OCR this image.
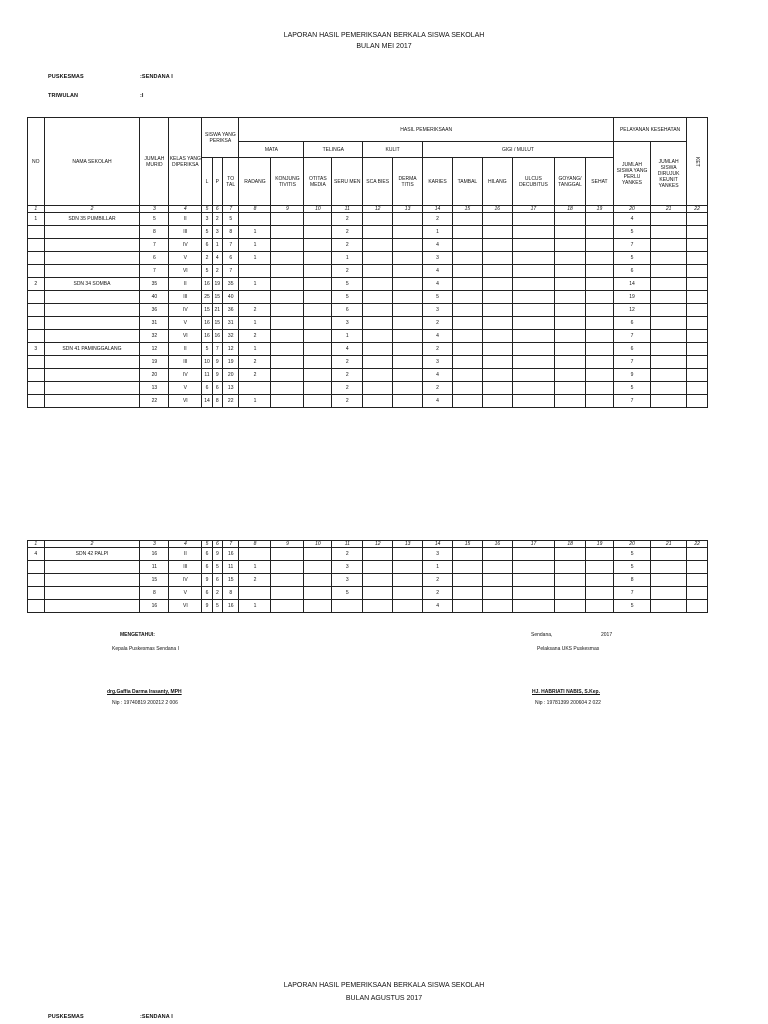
LAPORAN HASIL PEMERIKSAAN BERKALA SISWA SEKOLAH
BULAN MEI 2017
PUSKESMAS	:SENDANA I
TRIWULAN	:I
NO	NAMA SEKOLAH	JUMLAH MURID	KELAS YANG DIPERIKSA	SISWA YANG PERIKSA			HASIL PEMERIKSAAN												PELAYANAN KESEHATAN		KET
							MATA		TELINGA		KULIT		GIGI / MULUT						JUMLAH SISWA YANG PERLU YANKES	JUMLAH SISWA DIRUJUK KEUNIT YANKES	
				L	P	TO TAL	RADANG	KONJUNG TIVITIS	OTITAS MEDIA	SERU MEN	SCA BIES	DERMA TITIS	KARIES	TAMBAL	HILANG	ULCUS DECUBITUS	GOYANG/ TANGGAL	SEHAT			
1	2	3	4	5	6	7	8	9	10	11	12	13	14	15	16	17	18	19	20	21	22
1	SDN 35 PUMBILLAR	5	II	3	2	5				2			2						4		
		8	III	5	3	8	1			2			1						5		
		7	IV	6	1	7	1			2			4						7		
		6	V	2	4	6	1			1			3						5		
		7	VI	5	2	7				2			4						6		
2	SDN 34 SOMBA	35	II	16	19	35	1			5			4						14		
		40	III	25	15	40				5			5						19		
		36	IV	15	21	36	2			6			3						12		
		31	V	16	15	31	1			3			2						6		
		32	VI	16	16	32	2			1			4						7		
3	SDN 41 PAMINGGALANG	12	II	5	7	12	1			4			2						6		
		19	III	10	9	19	2			2			3						7		
		20	IV	11	9	20	2			2			4						9		
		13	V	6	6	13				2			2						5		
		22	VI	14	8	22	1			2			4						7		
1	2	3	4	5	6	7	8	9	10	11	12	13	14	15	16	17	18	19	20	21	22
4	SDN 42 PALPI	16	II	6	9	16				2			3						5		
		11	III	6	5	11	1			3			1						5		
		15	IV	9	6	15	2			3			2						8		
		8	V	6	2	8				5			2						7		
		16	VI	9	5	16	1						4						5		
MENGETAHUI:
Kepala Puskesmas Sendana I
drg.Gaffia Darma Irasanty, MPH
Nip : 19740819 200212 2 006
Sendana,	2017
Pelaksana UKS Puskesmas
HJ. HABRIATI NABIS, S.Kep.
Nip : 19781399 200604 2 022
LAPORAN HASIL PEMERIKSAAN BERKALA SISWA SEKOLAH
BULAN AGUSTUS 2017
PUSKESMAS	:SENDANA I
